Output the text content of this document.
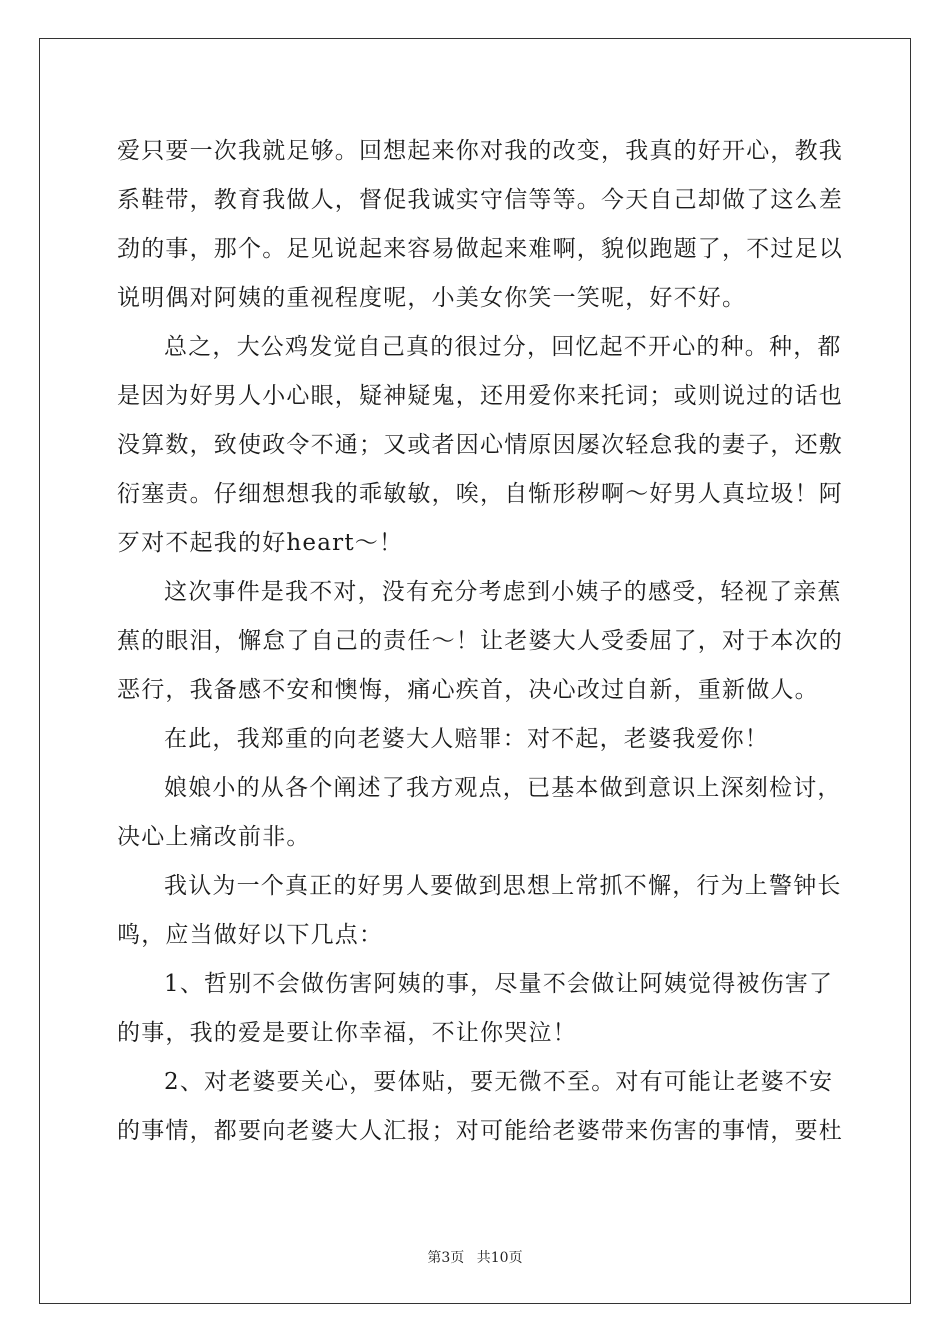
爱只要一次我就足够。回想起来你对我的改变，我真的好开心，教我
系鞋带，教育我做人，督促我诚实守信等等。今天自己却做了这么差
劲的事，那个。足见说起来容易做起来难啊，貌似跑题了，不过足以
说明偶对阿姨的重视程度呢，小美女你笑一笑呢，好不好。
总之，大公鸡发觉自己真的很过分，回忆起不开心的种。种，都
是因为好男人小心眼，疑神疑鬼，还用爱你来托词；或则说过的话也
没算数，致使政令不通；又或者因心情原因屡次轻怠我的妻子，还敷
衍塞责。仔细想想我的乖敏敏，唉，自惭形秽啊～好男人真垃圾！阿
歹对不起我的好heart～！
这次事件是我不对，没有充分考虑到小姨子的感受，轻视了亲蕉
蕉的眼泪，懈怠了自己的责任～！让老婆大人受委屈了，对于本次的
恶行，我备感不安和懊悔，痛心疾首，决心改过自新，重新做人。
在此，我郑重的向老婆大人赔罪：对不起，老婆我爱你！
娘娘小的从各个阐述了我方观点，已基本做到意识上深刻检讨，
决心上痛改前非。
我认为一个真正的好男人要做到思想上常抓不懈，行为上警钟长
鸣，应当做好以下几点：
1、哲别不会做伤害阿姨的事，尽量不会做让阿姨觉得被伤害了
的事，我的爱是要让你幸福，不让你哭泣！
2、对老婆要关心，要体贴，要无微不至。对有可能让老婆不安
的事情，都要向老婆大人汇报；对可能给老婆带来伤害的事情，要杜
第3页 共10页
